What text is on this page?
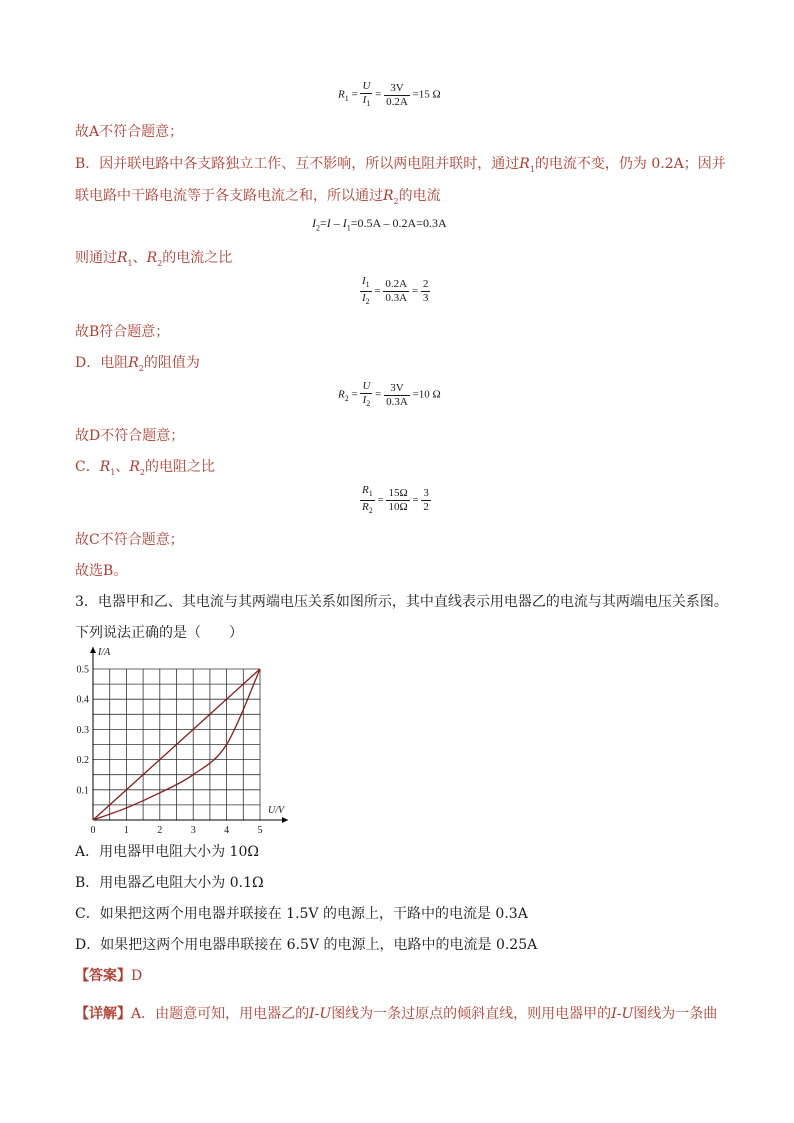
$R_1 = \frac{U}{I_1} = \frac{3V}{0.2A} =15$ Ω
故A不符合题意；
B．因并联电路中各支路独立工作、互不影响，所以两电阻并联时，通过$R_1$的电流不变，仍为 0.2A；因并
联电路中干路电流等于各支路电流之和，所以通过$R_2$的电流
$I_2=I - I_1=0.5A - 0.2A=0.3A$
则通过$R_1$、$R_2$的电流之比
$\frac{I_1}{I_2} = \frac{0.2A}{0.3A} = \frac{2}{3}$
故B符合题意；
D．电阻$R_2$的阻值为
$R_2 = \frac{U}{I_2} = \frac{3V}{0.3A} =10$ Ω
故D不符合题意；
C．$R_1$、$R_2$的电阻之比
$\frac{R_1}{R_2} = \frac{15\Omega}{10\Omega} = \frac{3}{2}$
故C不符合题意；
故选B。
3．电器甲和乙、其电流与其两端电压关系如图所示，其中直线表示用电器乙的电流与其两端电压关系图。
下列说法正确的是（　　）
0	1	2	3	4	5
0.1
0.2
0.3
0.4
0.5
U/V
I/A
A．用电器甲电阻大小为 10Ω
B．用电器乙电阻大小为 0.1Ω
C．如果把这两个用电器并联接在 1.5V 的电源上，干路中的电流是 0.3A
D．如果把这两个用电器串联接在 6.5V 的电源上，电路中的电流是 0.25A
【答案】D
【详解】A．由题意可知，用电器乙的I-U图线为一条过原点的倾斜直线，则用电器甲的I-U图线为一条曲
